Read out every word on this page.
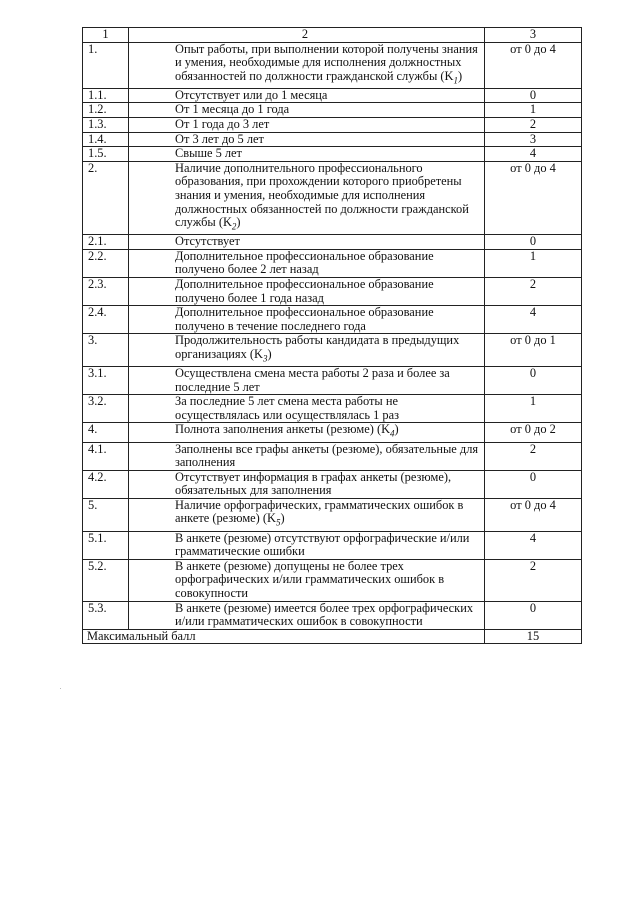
1	2	3
1.	Опыт работы, при выполнении которой получены знания и умения, необходимые для исполнения должностных обязанностей по должности гражданской службы $(K_1)$	от 0 до 4
1.1.	Отсутствует или до 1 месяца	0
1.2.	От 1 месяца до 1 года	1
1.3.	От 1 года до 3 лет	2
1.4.	От 3 лет до 5 лет	3
1.5.	Свыше 5 лет	4
2.	Наличие дополнительного профессионального образования, при прохождении которого приобретены знания и умения, необходимые для исполнения должностных обязанностей по должности гражданской службы $(K_2)$	от 0 до 4
2.1.	Отсутствует	0
2.2.	Дополнительное профессиональное образование получено более 2 лет назад	1
2.3.	Дополнительное профессиональное образование получено более 1 года назад	2
2.4.	Дополнительное профессиональное образование получено в течение последнего года	4
3.	Продолжительность работы кандидата в предыдущих организациях $(K_3)$	от 0 до 1
3.1.	Осуществлена смена места работы 2 раза и более за последние 5 лет	0
3.2.	За последние 5 лет смена места работы не осуществлялась или осуществлялась 1 раз	1
4.	Полнота заполнения анкеты (резюме) $(K_4)$	от 0 до 2
4.1.	Заполнены все графы анкеты (резюме), обязательные для заполнения	2
4.2.	Отсутствует информация в графах анкеты (резюме), обязательных для заполнения	0
5.	Наличие орфографических, грамматических ошибок в анкете (резюме) $(K_5)$	от 0 до 4
5.1.	В анкете (резюме) отсутствуют орфографические и/или грамматические ошибки	4
5.2.	В анкете (резюме) допущены не более трех орфографических и/или грамматических ошибок в совокупности	2
5.3.	В анкете (резюме) имеется более трех орфографических и/или грамматических ошибок в совокупности	0
Максимальный балл		15
